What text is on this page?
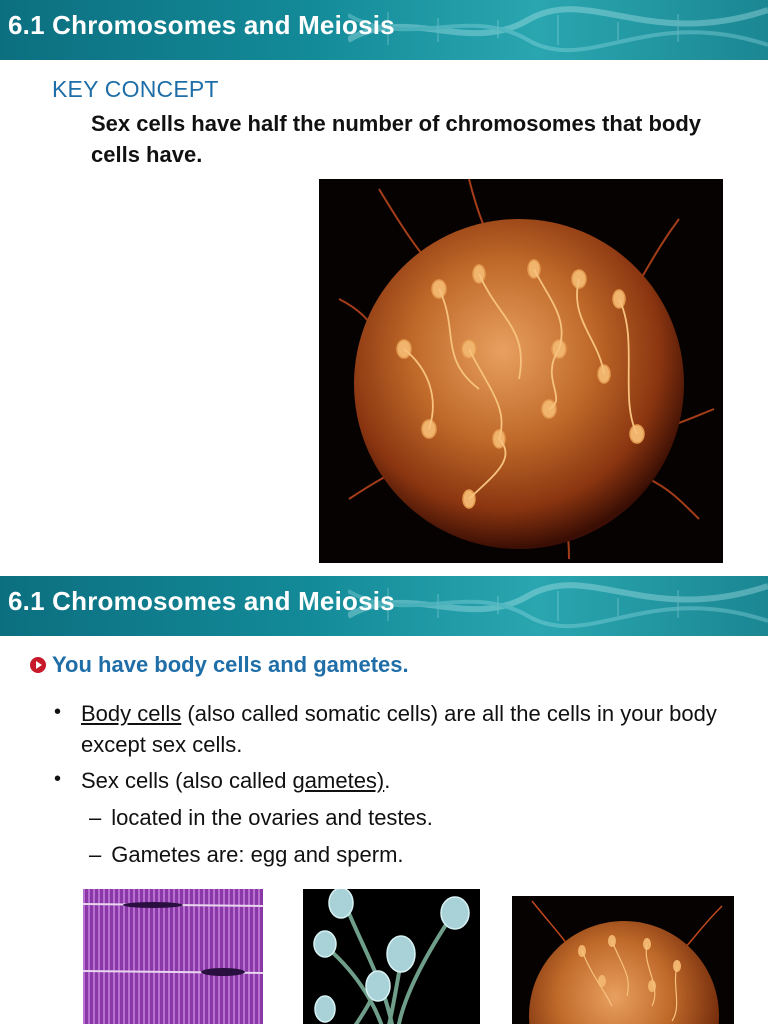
6.1 Chromosomes and Meiosis
KEY CONCEPT
Sex cells have half the number of chromosomes that body cells have.
6.1 Chromosomes and Meiosis
You have body cells and gametes.
• Body cells (also called somatic cells) are all the cells in your body except sex cells.
• Sex cells (also called gametes).
– located in the ovaries and testes.
– Gametes are: egg and sperm.
